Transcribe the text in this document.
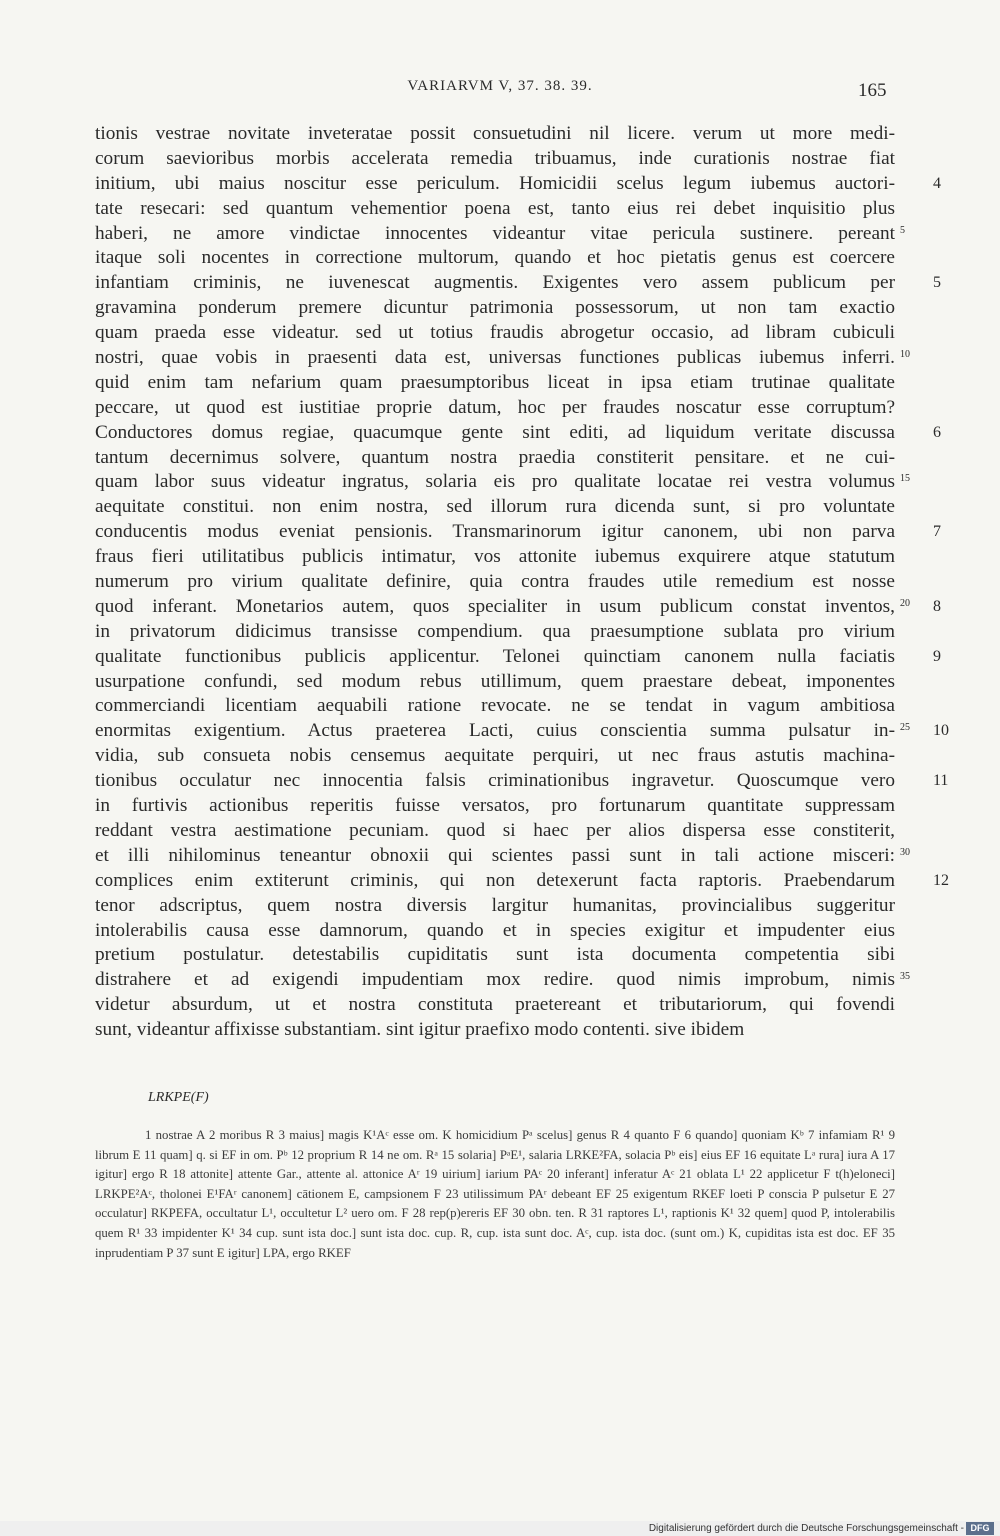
VARIARVM V, 37. 38. 39.	165
tionis vestrae novitate inveteratae possit consuetudini nil licere. verum ut more medi-
corum saevioribus morbis accelerata remedia tribuamus, inde curationis nostrae fiat
initium, ubi maius noscitur esse periculum. Homicidii scelus legum iubemus auctori- 4
tate resecari: sed quantum vehementior poena est, tanto eius rei debet inquisitio plus
haberi, ne amore vindictae innocentes videantur vitae pericula sustinere. pereant 5
itaque soli nocentes in correctione multorum, quando et hoc pietatis genus est coercere
infantiam criminis, ne iuvenescat augmentis. Exigentes vero assem publicum per 5
gravamina ponderum premere dicuntur patrimonia possessorum, ut non tam exactio
quam praeda esse videatur. sed ut totius fraudis abrogetur occasio, ad libram cubiculi
nostri, quae vobis in praesenti data est, universas functiones publicas iubemus inferri. 10
quid enim tam nefarium quam praesumptoribus liceat in ipsa etiam trutinae qualitate
peccare, ut quod est iustitiae proprie datum, hoc per fraudes noscatur esse corruptum?
Conductores domus regiae, quacumque gente sint editi, ad liquidum veritate discussa 6
tantum decernimus solvere, quantum nostra praedia constiterit pensitare. et ne cui-
quam labor suus videatur ingratus, solaria eis pro qualitate locatae rei vestra volumus 15
aequitate constitui. non enim nostra, sed illorum rura dicenda sunt, si pro voluntate
conducentis modus eveniat pensionis. Transmarinorum igitur canonem, ubi non parva 7
fraus fieri utilitatibus publicis intimatur, vos attonite iubemus exquirere atque statutum
numerum pro virium qualitate definire, quia contra fraudes utile remedium est nosse
quod inferant. Monetarios autem, quos specialiter in usum publicum constat inventos, 20 8
in privatorum didicimus transisse compendium. qua praesumptione sublata pro virium
qualitate functionibus publicis applicentur. Telonei quinctiam canonem nulla faciatis 9
usurpatione confundi, sed modum rebus utillimum, quem praestare debeat, imponentes
commerciandi licentiam aequabili ratione revocate. ne se tendat in vagum ambitiosa
enormitas exigentium. Actus praeterea Lacti, cuius conscientia summa pulsatur in- 25 10
vidia, sub consueta nobis censemus aequitate perquiri, ut nec fraus astutis machina-
tionibus occulatur nec innocentia falsis criminationibus ingravetur. Quoscumque vero 11
in furtivis actionibus reperitis fuisse versatos, pro fortunarum quantitate suppressam
reddant vestra aestimatione pecuniam. quod si haec per alios dispersa esse constiterit,
et illi nihilominus teneantur obnoxii qui scientes passi sunt in tali actione misceri: 30
complices enim extiterunt criminis, qui non detexerunt facta raptoris. Praebendarum 12
tenor adscriptus, quem nostra diversis largitur humanitas, provincialibus suggeritur
intolerabilis causa esse damnorum, quando et in species exigitur et impudenter eius
pretium postulatur. detestabilis cupiditatis sunt ista documenta competentia sibi
distrahere et ad exigendi impudentiam mox redire. quod nimis improbum, nimis 35
videtur absurdum, ut et nostra constituta praetereant et tributariorum, qui fovendi
sunt, videantur affixisse substantiam. sint igitur praefixo modo contenti. sive ibidem
LRKPE(F)

1 nostrae A 2 moribus R 3 maius] magis K¹Aᶜ esse om. K homicidium Pᵃ scelus] genus R 4 quanto F 6 quando] quoniam Kᵇ 7 infamiam R¹ 9 librum E 11 quam] q. si EF in om. Pᵇ 12 proprium R 14 ne om. Rᵃ 15 solaria] PᵃE¹, salaria LRKE²FA, solacia Pᵇ eis] eius EF 16 equitate Lᵃ rura] iura A 17 igitur] ergo R 18 attonite] attente Gar., attente al. attonice Aʳ 19 uirium] iarium PAᶜ 20 inferant] inferatur Aᶜ 21 oblata L¹ 22 applicetur F t(h)eloneci] LRKPE²Aᶜ, tholonei E¹FAʳ canonem] cātionem E, campsionem F 23 utilissimum PAʳ debeant EF 25 exigentum RKEF loeti P conscia P pulsetur E 27 occulatur] RKPEFA, occultatur L¹, occultetur L² uero om. F 28 rep(p)ereris EF 30 obn. ten. R 31 raptores L¹, raptionis K¹ 32 quem] quod P, intolerabilis quem R¹ 33 impidenter K¹ 34 cup. sunt ista doc.] sunt ista doc. cup. R, cup. ista sunt doc. Aᶜ, cup. ista doc. (sunt om.) K, cupiditas ista est doc. EF 35 inprudentiam P 37 sunt E igitur] LPA, ergo RKEF

Digitalisierung gefördert durch die Deutsche Forschungsgemeinschaft - DFG
